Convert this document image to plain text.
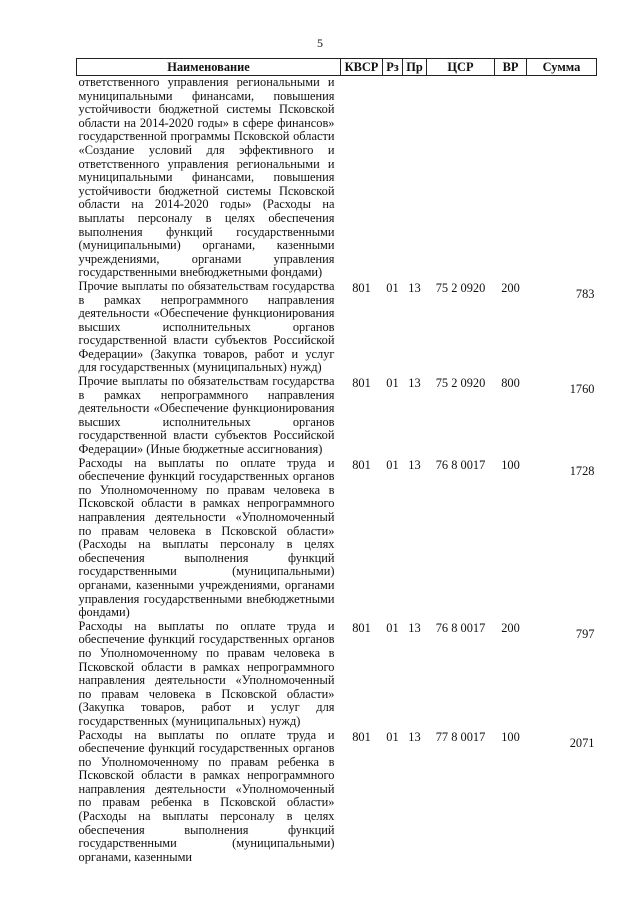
5
Наименование	КВСР	Рз	Пр	ЦСР	ВР	Сумма
ответственного управления региональными и муниципальными финансами, повышения устойчивости бюджетной системы Псковской области на 2014-2020 годы» в сфере финансов» государственной программы Псковской области «Создание условий для эффективного и ответственного управления региональными и муниципальными финансами, повышения устойчивости бюджетной системы Псковской области на 2014-2020 годы» (Расходы на выплаты персоналу в целях обеспечения выполнения функций государственными (муниципальными) органами, казенными учреждениями, органами управления государственными внебюджетными фондами)						
Прочие выплаты по обязательствам государства в рамках непрограммного направления деятельности «Обеспечение функционирования высших исполнительных органов государственной власти субъектов Российской Федерации» (Закупка товаров, работ и услуг для государственных (муниципальных) нужд)	801	01	13	75 2 0920	200	783
Прочие выплаты по обязательствам государства в рамках непрограммного направления деятельности «Обеспечение функционирования высших исполнительных органов государственной власти субъектов Российской Федерации» (Иные бюджетные ассигнования)	801	01	13	75 2 0920	800	1760
Расходы на выплаты по оплате труда и обеспечение функций государственных органов по Уполномоченному по правам человека в Псковской области в рамках непрограммного направления деятельности «Уполномоченный по правам человека в Псковской области» (Расходы на выплаты персоналу в целях обеспечения выполнения функций государственными (муниципальными) органами, казенными учреждениями, органами управления государственными внебюджетными фондами)	801	01	13	76 8 0017	100	1728
Расходы на выплаты по оплате труда и обеспечение функций государственных органов по Уполномоченному по правам человека в Псковской области в рамках непрограммного направления деятельности «Уполномоченный по правам человека в Псковской области» (Закупка товаров, работ и услуг для государственных (муниципальных) нужд)	801	01	13	76 8 0017	200	797
Расходы на выплаты по оплате труда и обеспечение функций государственных органов по Уполномоченному по правам ребенка в Псковской области в рамках непрограммного направления деятельности «Уполномоченный по правам ребенка в Псковской области» (Расходы на выплаты персоналу в целях обеспечения выполнения функций государственными (муниципальными) органами, казенными	801	01	13	77 8 0017	100	2071
